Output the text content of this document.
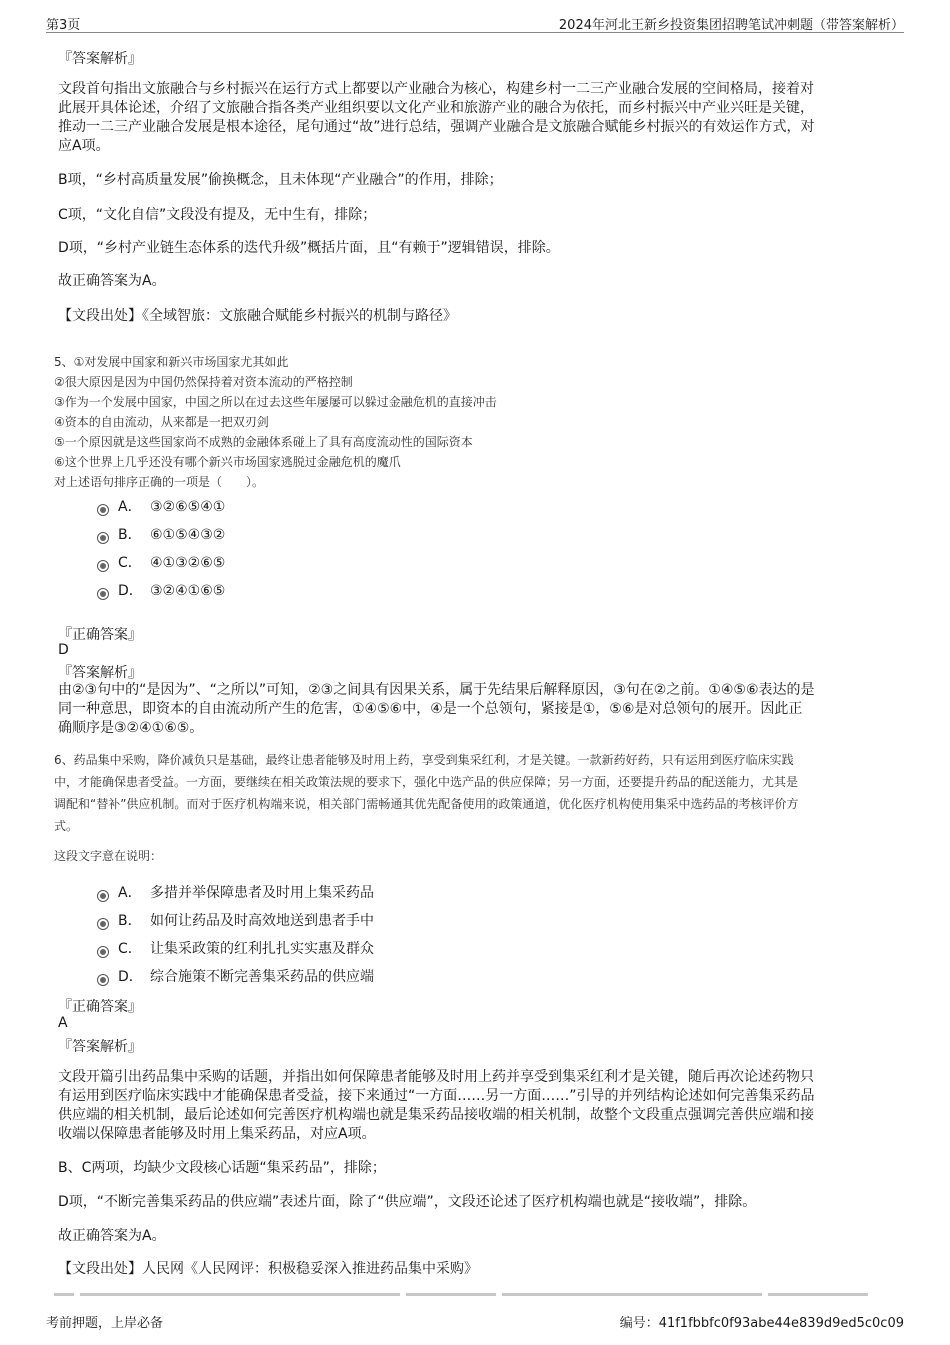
第3页	2024年河北王新乡投资集团招聘笔试冲刺题（带答案解析）
『答案解析』
文段首句指出文旅融合与乡村振兴在运行方式上都要以产业融合为核心，构建乡村一二三产业融合发展的空间格局，接着对
此展开具体论述，介绍了文旅融合指各类产业组织要以文化产业和旅游产业的融合为依托，而乡村振兴中产业兴旺是关键，
推动一二三产业融合发展是根本途径，尾句通过“故”进行总结，强调产业融合是文旅融合赋能乡村振兴的有效运作方式，对
应A项。
B项，“乡村高质量发展”偷换概念，且未体现“产业融合”的作用，排除；
C项，“文化自信”文段没有提及，无中生有，排除；
D项，“乡村产业链生态体系的迭代升级”概括片面，且“有赖于”逻辑错误，排除。
故正确答案为A。
【文段出处】《全域智旅：文旅融合赋能乡村振兴的机制与路径》
5、①对发展中国家和新兴市场国家尤其如此
②很大原因是因为中国仍然保持着对资本流动的严格控制
③作为一个发展中国家，中国之所以在过去这些年屡屡可以躲过金融危机的直接冲击
④资本的自由流动，从来都是一把双刃剑
⑤一个原因就是这些国家尚不成熟的金融体系碰上了具有高度流动性的国际资本
⑥这个世界上几乎还没有哪个新兴市场国家逃脱过金融危机的魔爪
对上述语句排序正确的一项是（　　）。
A． ③②⑥⑤④①
B． ⑥①⑤④③②
C． ④①③②⑥⑤
D． ③②④①⑥⑤
『正确答案』
D
『答案解析』
由②③句中的“是因为”、“之所以”可知，②③之间具有因果关系，属于先结果后解释原因，③句在②之前。①④⑤⑥表达的是
同一种意思，即资本的自由流动所产生的危害，①④⑤⑥中，④是一个总领句，紧接是①，⑤⑥是对总领句的展开。因此正
确顺序是③②④①⑥⑤。
6、药品集中采购，降价减负只是基础，最终让患者能够及时用上药，享受到集采红利，才是关键。一款新药好药，只有运用到医疗临床实践
中，才能确保患者受益。一方面，要继续在相关政策法规的要求下，强化中选产品的供应保障；另一方面，还要提升药品的配送能力，尤其是
调配和“替补”供应机制。而对于医疗机构端来说，相关部门需畅通其优先配备使用的政策通道，优化医疗机构使用集采中选药品的考核评价方
式。
这段文字意在说明：
A． 多措并举保障患者及时用上集采药品
B． 如何让药品及时高效地送到患者手中
C． 让集采政策的红利扎扎实实惠及群众
D． 综合施策不断完善集采药品的供应端
『正确答案』
A
『答案解析』
文段开篇引出药品集中采购的话题，并指出如何保障患者能够及时用上药并享受到集采红利才是关键，随后再次论述药物只
有运用到医疗临床实践中才能确保患者受益，接下来通过“一方面……另一方面……”引导的并列结构论述如何完善集采药品
供应端的相关机制，最后论述如何完善医疗机构端也就是集采药品接收端的相关机制，故整个文段重点强调完善供应端和接
收端以保障患者能够及时用上集采药品，对应A项。
B、C两项，均缺少文段核心话题“集采药品”，排除；
D项，“不断完善集采药品的供应端”表述片面，除了“供应端”，文段还论述了医疗机构端也就是“接收端”，排除。
故正确答案为A。
【文段出处】人民网《人民网评：积极稳妥深入推进药品集中采购》
考前押题，上岸必备	编号：41f1fbbfc0f93abe44e839d9ed5c0c09
